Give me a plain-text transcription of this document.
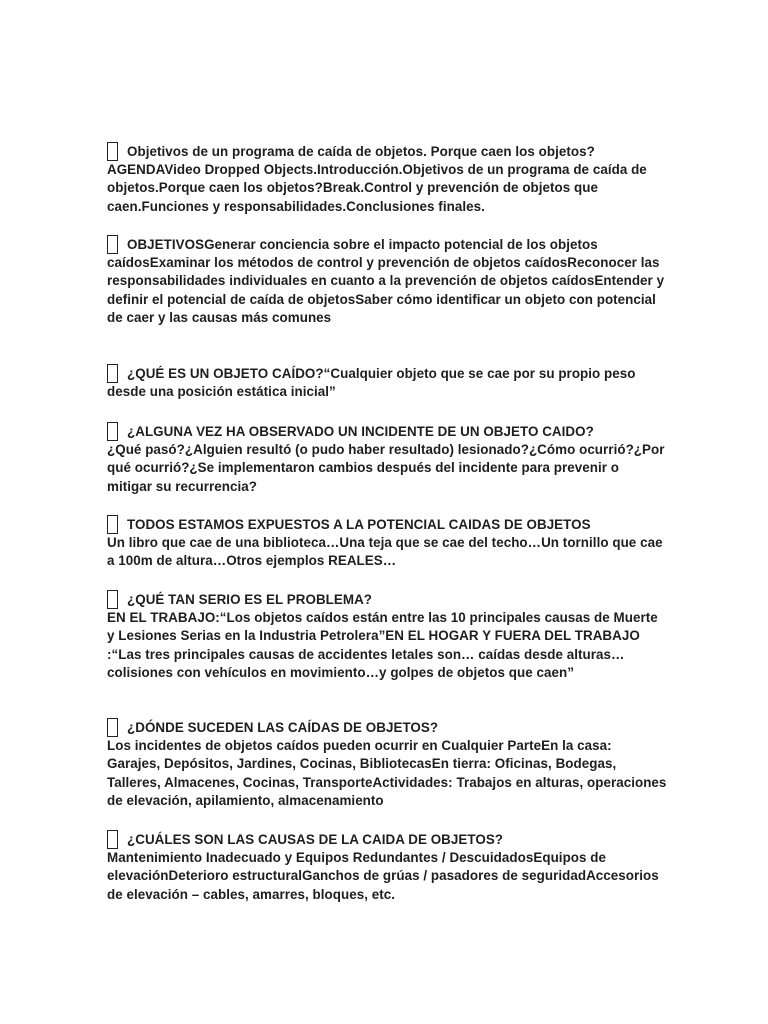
Objetivos de un programa de caída de objetos. Porque caen los objetos?
AGENDAVideo Dropped Objects.Introducción.Objetivos de un programa de caída de objetos.Porque caen los objetos?Break.Control y prevención de objetos que caen.Funciones y responsabilidades.Conclusiones finales.
OBJETIVOSGenerar conciencia sobre el impacto potencial de los objetos caídosExaminar los métodos de control y prevención de objetos caídosReconocer las responsabilidades individuales en cuanto a la prevención de objetos caídosEntender y definir el potencial de caída de objetosSaber cómo identificar un objeto con potencial de caer y las causas más comunes
¿QUÉ ES UN OBJETO CAÍDO?“Cualquier objeto que se cae por su propio peso desde una posición estática inicial”
¿ALGUNA VEZ HA OBSERVADO UN INCIDENTE DE UN OBJETO CAIDO?
¿Qué pasó?¿Alguien resultó (o pudo haber resultado) lesionado?¿Cómo ocurrió?¿Por qué ocurrió?¿Se implementaron cambios después del incidente para prevenir o mitigar su recurrencia?
TODOS ESTAMOS EXPUESTOS A LA POTENCIAL CAIDAS DE OBJETOS
Un libro que cae de una biblioteca…Una teja que se cae del techo…Un tornillo que cae a 100m de altura…Otros ejemplos REALES…
¿QUÉ TAN SERIO ES EL PROBLEMA?
EN EL TRABAJO:“Los objetos caídos están entre las 10 principales causas de Muerte y Lesiones Serias en la Industria Petrolera”EN EL HOGAR Y FUERA DEL TRABAJO :“Las tres principales causas de accidentes letales son… caídas desde alturas…colisiones con vehículos en movimiento…y golpes de objetos que caen”
¿DÓNDE SUCEDEN LAS CAÍDAS DE OBJETOS?
Los incidentes de objetos caídos pueden ocurrir en Cualquier ParteEn la casa: Garajes, Depósitos, Jardines, Cocinas, BibliotecasEn tierra: Oficinas, Bodegas, Talleres, Almacenes, Cocinas, TransporteActividades: Trabajos en alturas, operaciones de elevación, apilamiento, almacenamiento
¿CUÁLES SON LAS CAUSAS DE LA CAIDA DE OBJETOS?
Mantenimiento Inadecuado y Equipos Redundantes / DescuidadosEquipos de elevaciónDeterioro estructuralGanchos de grúas / pasadores de seguridadAccesorios de elevación – cables, amarres, bloques, etc.
